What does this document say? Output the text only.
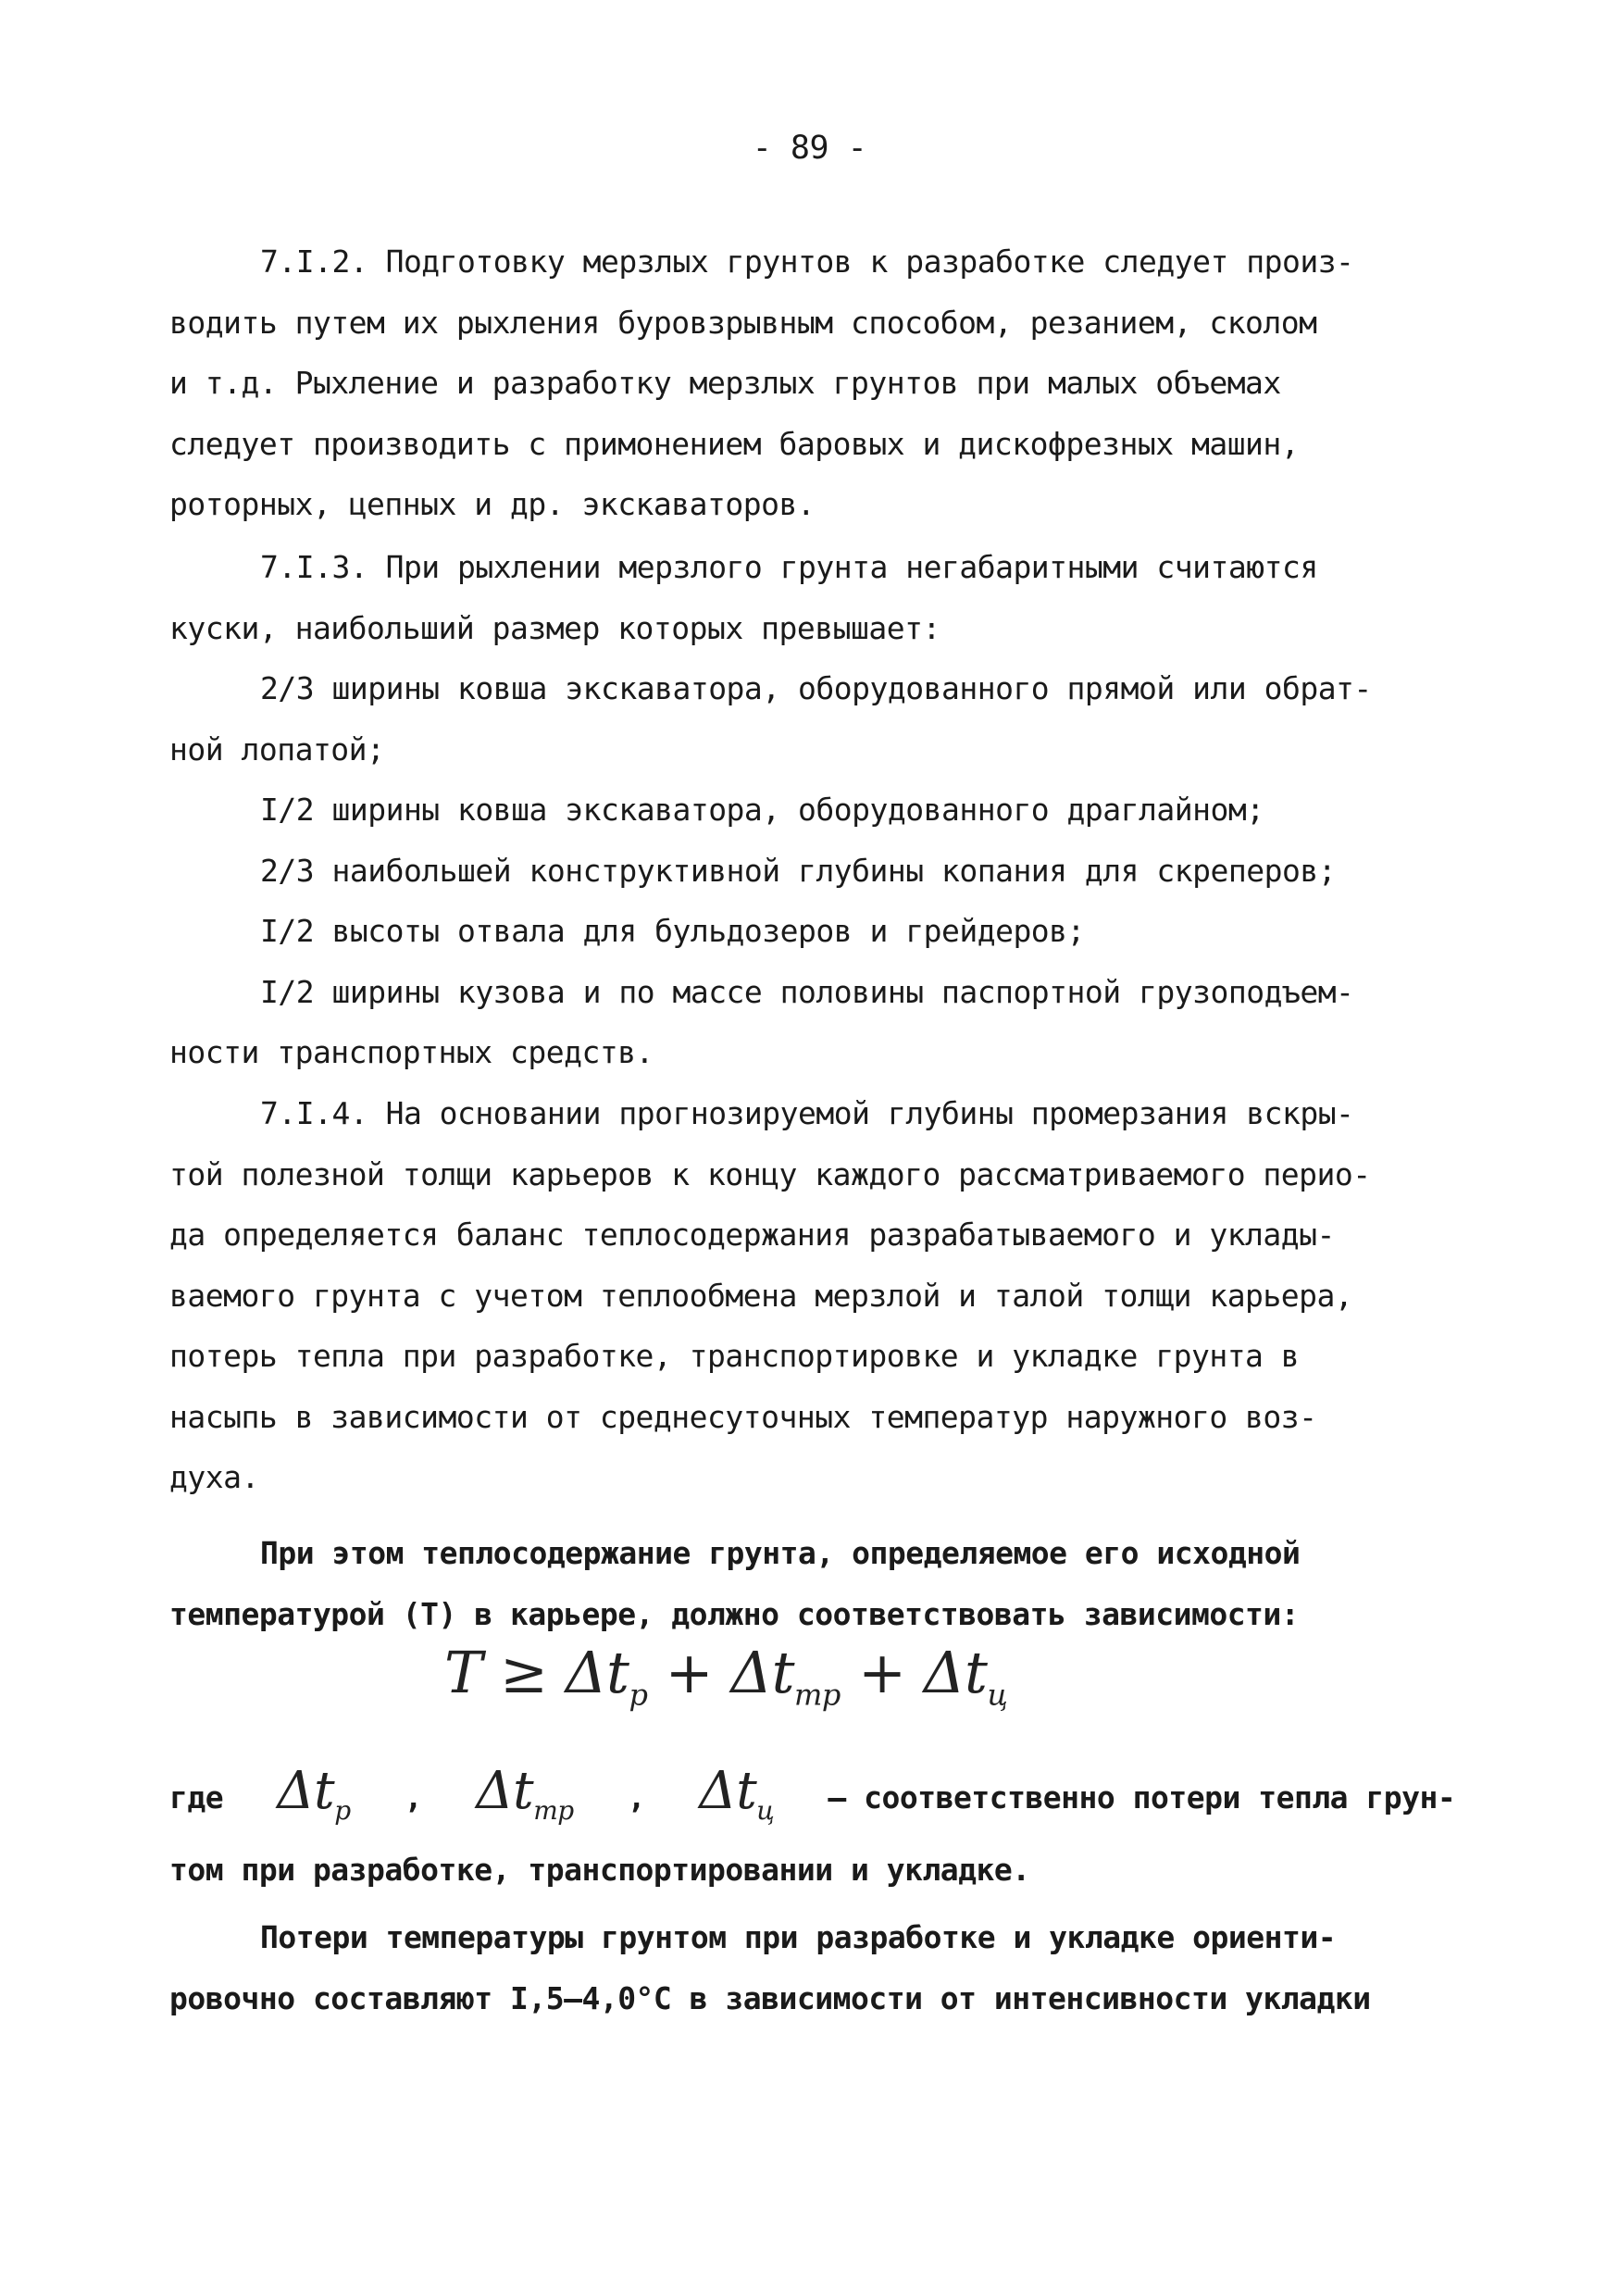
- 89 -
7.I.2. Подготовку мерзлых грунтов к разработке следует произ-
водить путем их рыхления буровзрывным способом, резанием, сколом
и т.д. Рыхление и разработку мерзлых грунтов при малых объемах
следует производить с примонением баровых и дискофрезных машин,
роторных, цепных и др. экскаваторов.
7.I.3. При рыхлении мерзлого грунта негабаритными считаются
куски, наибольший размер которых превышает:
2/3 ширины ковша экскаватора, оборудованного прямой или обрат-
ной лопатой;
I/2 ширины ковша экскаватора, оборудованного драглайном;
2/3 наибольшей конструктивной глубины копания для скреперов;
I/2 высоты отвала для бульдозеров и грейдеров;
I/2 ширины кузова и по массе половины паспортной грузоподъем-
ности транспортных средств.
7.I.4. На основании прогнозируемой глубины промерзания вскры-
той полезной толщи карьеров к концу каждого рассматриваемого перио-
да определяется баланс теплосодержания разрабатываемого и уклады-
ваемого грунта с учетом теплообмена мерзлой и талой толщи карьера,
потерь тепла при разработке, транспортировке и укладке грунта в
насыпь в зависимости от среднесуточных температур наружного воз-
духа.
При этом теплосодержание грунта, определяемое его исходной
температурой (Т) в карьере, должно соответствовать зависимости:
$T \ge \Delta t_р + \Delta t_{тр} + \Delta t_ц$
где $\Delta t_р$ , $\Delta t_{тр}$ , $\Delta t_ц$ – соответственно потери тепла грун-
том при разработке, транспортировании и укладке.
Потери температуры грунтом при разработке и укладке ориенти-
ровочно составляют I,5–4,0°С в зависимости от интенсивности укладки
